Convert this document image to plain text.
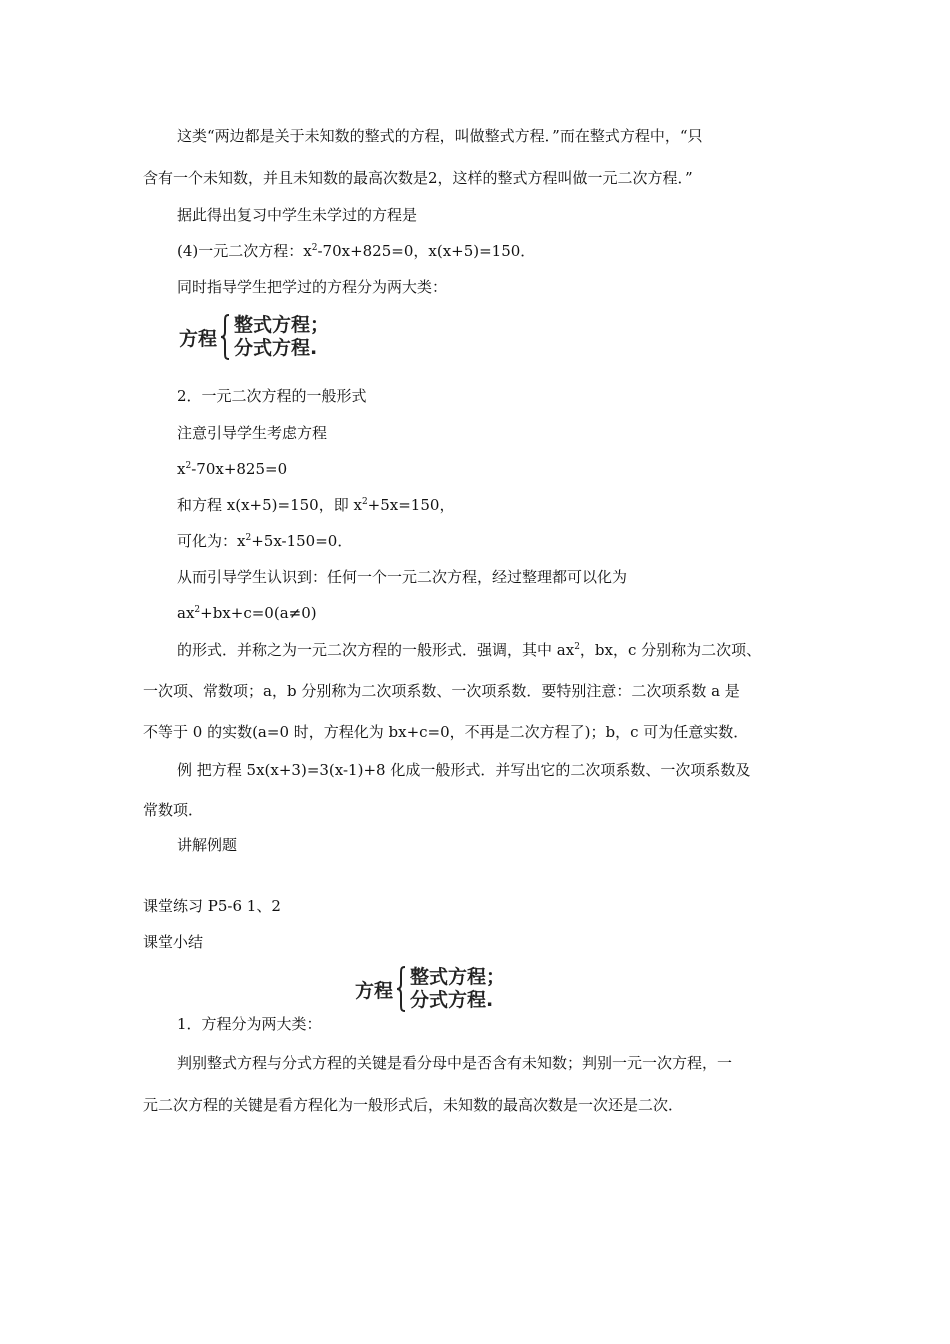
这类“两边都是关于未知数的整式的方程，叫做整式方程．”而在整式方程中，“只
含有一个未知数，并且未知数的最高次数是2，这样的整式方程叫做一元二次方程．”
据此得出复习中学生未学过的方程是
(4)一元二次方程：$x^2-70x+825=0$，x(x+5)=150．
同时指导学生把学过的方程分为两大类：
方程
整式方程；
分式方程.
2．一元二次方程的一般形式
注意引导学生考虑方程
$x^2-70x+825=0$
和方程 x(x+5)=150，即 $x^2+5x=150$，
可化为：$x^2+5x-150=0$．
从而引导学生认识到：任何一个一元二次方程，经过整理都可以化为
$ax^2+bx+c=0(a\ne 0)$
的形式．并称之为一元二次方程的一般形式．强调，其中 $ax^2$，bx，c 分别称为二次项、
一次项、常数项；a，b 分别称为二次项系数、一次项系数．要特别注意：二次项系数 a 是
不等于 0 的实数(a=0 时，方程化为 bx+c=0，不再是二次方程了)；b，c 可为任意实数．
例 把方程 5x(x+3)=3(x-1)+8 化成一般形式．并写出它的二次项系数、一次项系数及
常数项．
讲解例题
课堂练习 P5-6 1、2
课堂小结
方程
整式方程；
分式方程.
1．方程分为两大类：
判别整式方程与分式方程的关键是看分母中是否含有未知数；判别一元一次方程，一
元二次方程的关键是看方程化为一般形式后，未知数的最高次数是一次还是二次．
